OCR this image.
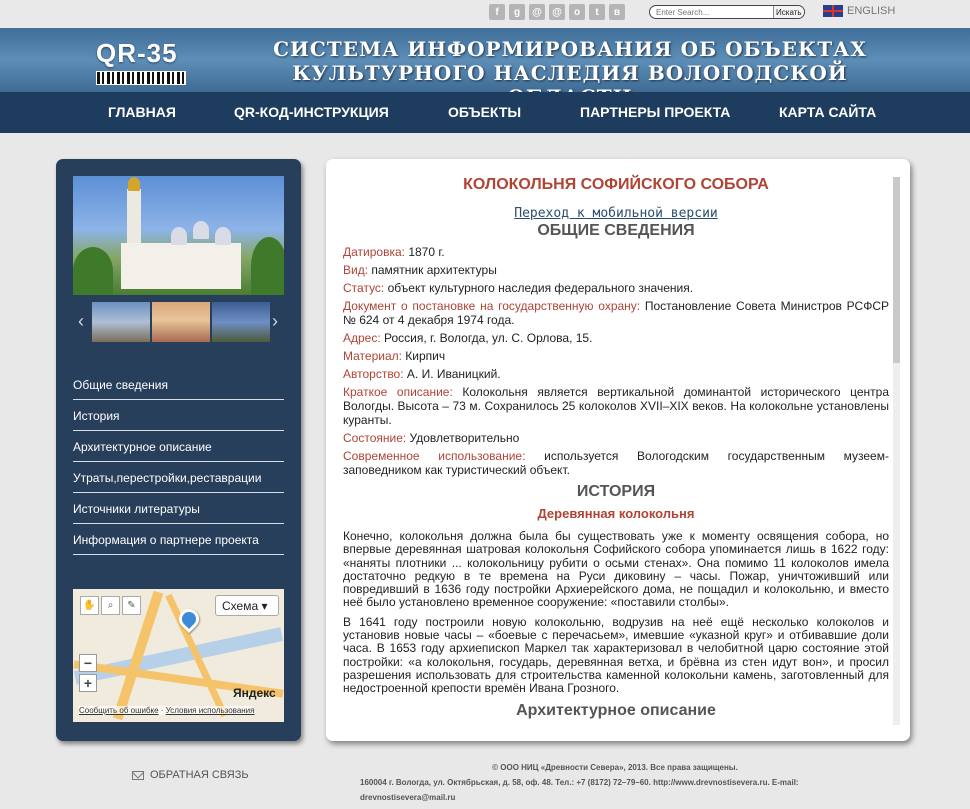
f	g	@	@	о	t	в
Enter Search...	Искать	ENGLISH
QR-35	СИСТЕМА ИНФОРМИРОВАНИЯ ОБ ОБЪЕКТАХ
КУЛЬТУРНОГО НАСЛЕДИЯ ВОЛОГОДСКОЙ
ГЛАВНАЯ	QR-КОД-ИНСТРУКЦИЯ	ОБЪЕКТЫ	ПАРТНЕРЫ ПРОЕКТА	КАРТА САЙТА
‹	›
Общие сведения
История
Архитектурное описание
Утраты,перестройки,реставрации
Источники литературы
Информация о партнере проекта
✋	⌕	✎	Схема ▾
−
+
Яндекс
Сообщить об ошибке · Условия использования
КОЛОКОЛЬНЯ СОФИЙСКОГО СОБОРА
Переход к мобильной версии
ОБЩИЕ СВЕДЕНИЯ
Датировка: 1870 г.
Вид: памятник архитектуры
Статус: объект культурного наследия федерального значения.
Документ о постановке на государственную охрану: Постановление Совета Министров РСФСР № 624 от 4 декабря 1974 года.
Адрес: Россия, г. Вологда, ул. С. Орлова, 15.
Материал: Кирпич
Авторство: А. И. Иваницкий.
Краткое описание: Колокольня является вертикальной доминантой исторического центра Вологды. Высота – 73 м. Сохранилось 25 колоколов XVII–XIX веков. На колокольне установлены куранты.
Состояние: Удовлетворительно
Современное использование: используется Вологодским государственным музеем-заповедником как туристический объект.
ИСТОРИЯ
Деревянная колокольня
Конечно, колокольня должна была бы существовать уже к моменту освящения собора, но впервые деревянная шатровая колокольня Софийского собора упоминается лишь в 1622 году: «наняты плотники ... колокольницу рубити о осьми стенах». Она помимо 11 колоколов имела достаточно редкую в те времена на Руси диковину – часы. Пожар, уничтоживший или повредивший в 1636 году постройки Архиерейского дома, не пощадил и колокольню, и вместо неё было установлено временное сооружение: «поставили столбы».
В 1641 году построили новую колокольню, водрузив на неё ещё несколько колоколов и установив новые часы – «боевые с перечасьем», имевшие «указной круг» и отбивавшие доли часа. В 1653 году архиепископ Маркел так характеризовал в челобитной царю состояние этой постройки: «а колокольня, государь, деревянная ветха, и брёвна из стен идут вон», и просил разрешения использовать для строительства каменной колокольни камень, заготовленный для недостроенной крепости времён Ивана Грозного.
Архитектурное описание
ОБРАТНАЯ СВЯЗЬ
© ООО НИЦ «Древности Севера», 2013. Все права защищены.
160004 г. Вологда, ул. Октябрьская, д. 58, оф. 48. Тел.: +7 (8172) 72–79–60. http://www.drevnostisevera.ru. E-mail: drevnostisevera@mail.ru
